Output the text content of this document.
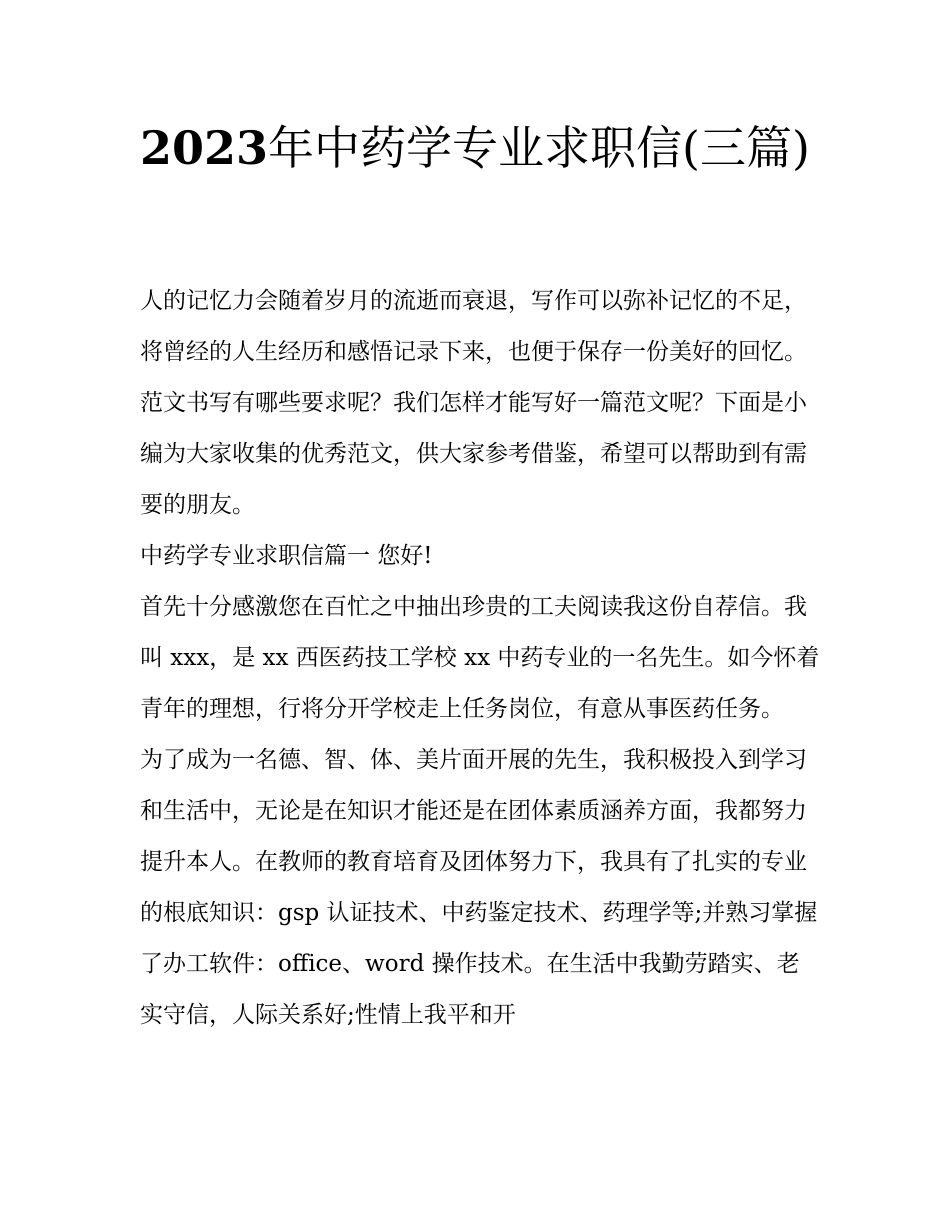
2023年中药学专业求职信(三篇)

人的记忆力会随着岁月的流逝而衰退，写作可以弥补记忆的不足，将曾经的人生经历和感悟记录下来，也便于保存一份美好的回忆。范文书写有哪些要求呢？我们怎样才能写好一篇范文呢？下面是小编为大家收集的优秀范文，供大家参考借鉴，希望可以帮助到有需要的朋友。

中药学专业求职信篇一 您好!

首先十分感激您在百忙之中抽出珍贵的工夫阅读我这份自荐信。我叫 xxx，是 xx 西医药技工学校 xx 中药专业的一名先生。如今怀着青年的理想，行将分开学校走上任务岗位，有意从事医药任务。

为了成为一名德、智、体、美片面开展的先生，我积极投入到学习和生活中，无论是在知识才能还是在团体素质涵养方面，我都努力提升本人。在教师的教育培育及团体努力下，我具有了扎实的专业的根底知识：gsp 认证技术、中药鉴定技术、药理学等;并熟习掌握了办工软件：office、word 操作技术。在生活中我勤劳踏实、老实守信，人际关系好;性情上我平和开
